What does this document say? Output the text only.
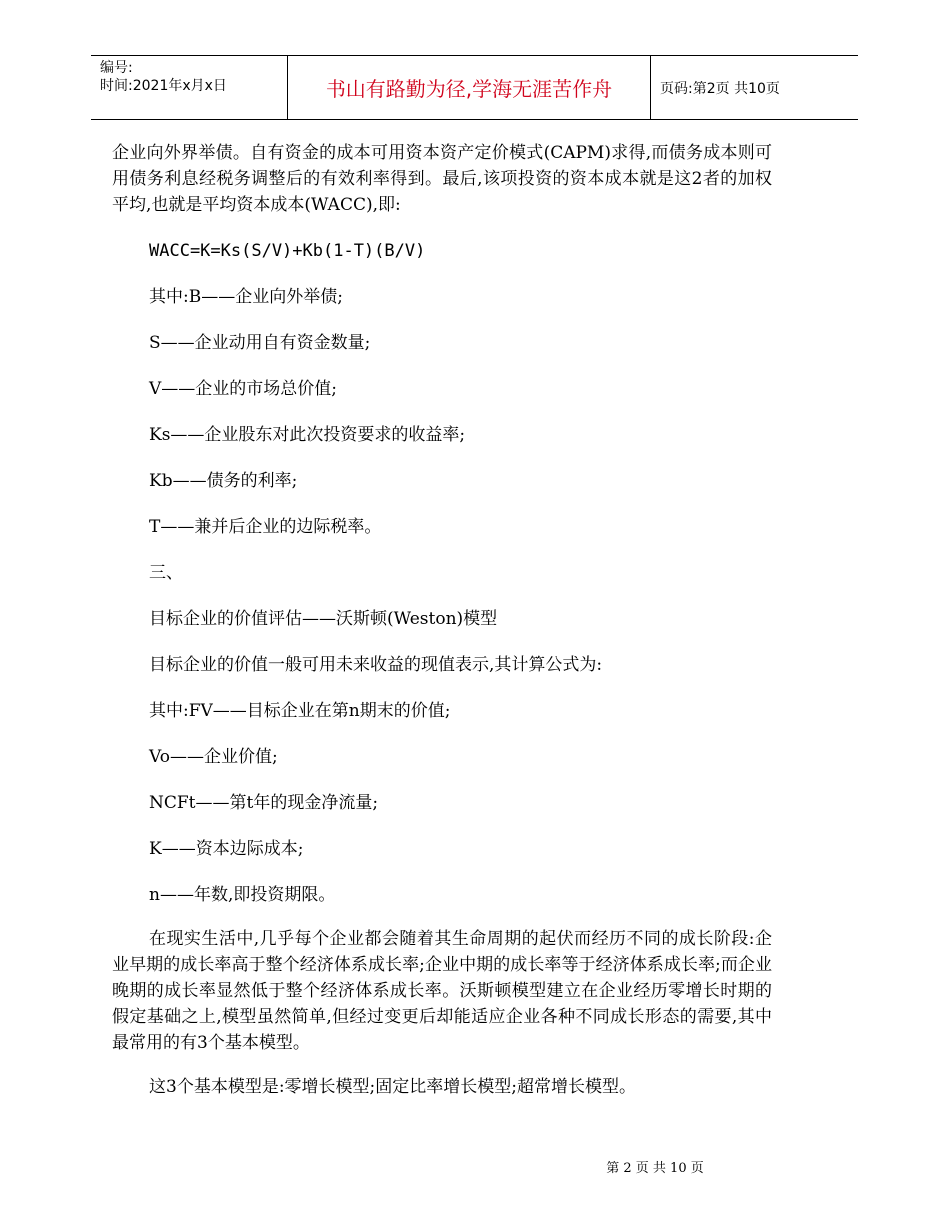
编号:
时间:2021年x月x日	书山有路勤为径,学海无涯苦作舟	页码:第2页 共10页

企业向外界举债。自有资金的成本可用资本资产定价模式(CAPM)求得,而债务成本则可用债务利息经税务调整后的有效利率得到。最后,该项投资的资本成本就是这2者的加权平均,也就是平均资本成本(WACC),即:

WACC=K=Ks(S/V)+Kb(1-T)(B/V)

其中:B——企业向外举债;

S——企业动用自有资金数量;

V——企业的市场总价值;

Ks——企业股东对此次投资要求的收益率;

Kb——债务的利率;

T——兼并后企业的边际税率。

三、

目标企业的价值评估——沃斯顿(Weston)模型

目标企业的价值一般可用未来收益的现值表示,其计算公式为:

其中:FV——目标企业在第n期末的价值;

Vo——企业价值;

NCFt——第t年的现金净流量;

K——资本边际成本;

n——年数,即投资期限。

在现实生活中,几乎每个企业都会随着其生命周期的起伏而经历不同的成长阶段:企业早期的成长率高于整个经济体系成长率;企业中期的成长率等于经济体系成长率;而企业晚期的成长率显然低于整个经济体系成长率。沃斯顿模型建立在企业经历零增长时期的假定基础之上,模型虽然简单,但经过变更后却能适应企业各种不同成长形态的需要,其中最常用的有3个基本模型。

这3个基本模型是:零增长模型;固定比率增长模型;超常增长模型。

第 2 页 共 10 页
